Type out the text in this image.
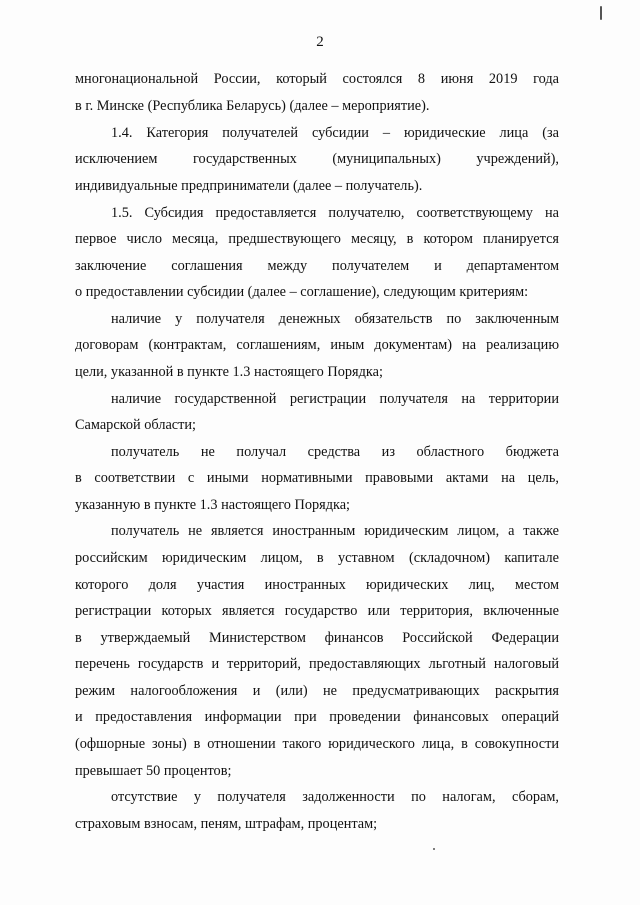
2
многонациональной России, который состоялся 8 июня 2019 года
в г. Минске (Республика Беларусь) (далее – мероприятие).
1.4. Категория получателей субсидии – юридические лица (за
исключением государственных (муниципальных) учреждений),
индивидуальные предприниматели (далее – получатель).
1.5. Субсидия предоставляется получателю, соответствующему на
первое число месяца, предшествующего месяцу, в котором планируется
заключение соглашения между получателем и департаментом
о предоставлении субсидии (далее – соглашение), следующим критериям:
наличие у получателя денежных обязательств по заключенным
договорам (контрактам, соглашениям, иным документам) на реализацию
цели, указанной в пункте 1.3 настоящего Порядка;
наличие государственной регистрации получателя на территории
Самарской области;
получатель не получал средства из областного бюджета
в соответствии с иными нормативными правовыми актами на цель,
указанную в пункте 1.3 настоящего Порядка;
получатель не является иностранным юридическим лицом, а также
российским юридическим лицом, в уставном (складочном) капитале
которого доля участия иностранных юридических лиц, местом
регистрации которых является государство или территория, включенные
в утверждаемый Министерством финансов Российской Федерации
перечень государств и территорий, предоставляющих льготный налоговый
режим налогообложения и (или) не предусматривающих раскрытия
и предоставления информации при проведении финансовых операций
(офшорные зоны) в отношении такого юридического лица, в совокупности
превышает 50 процентов;
отсутствие у получателя задолженности по налогам, сборам,
страховым взносам, пеням, штрафам, процентам;
